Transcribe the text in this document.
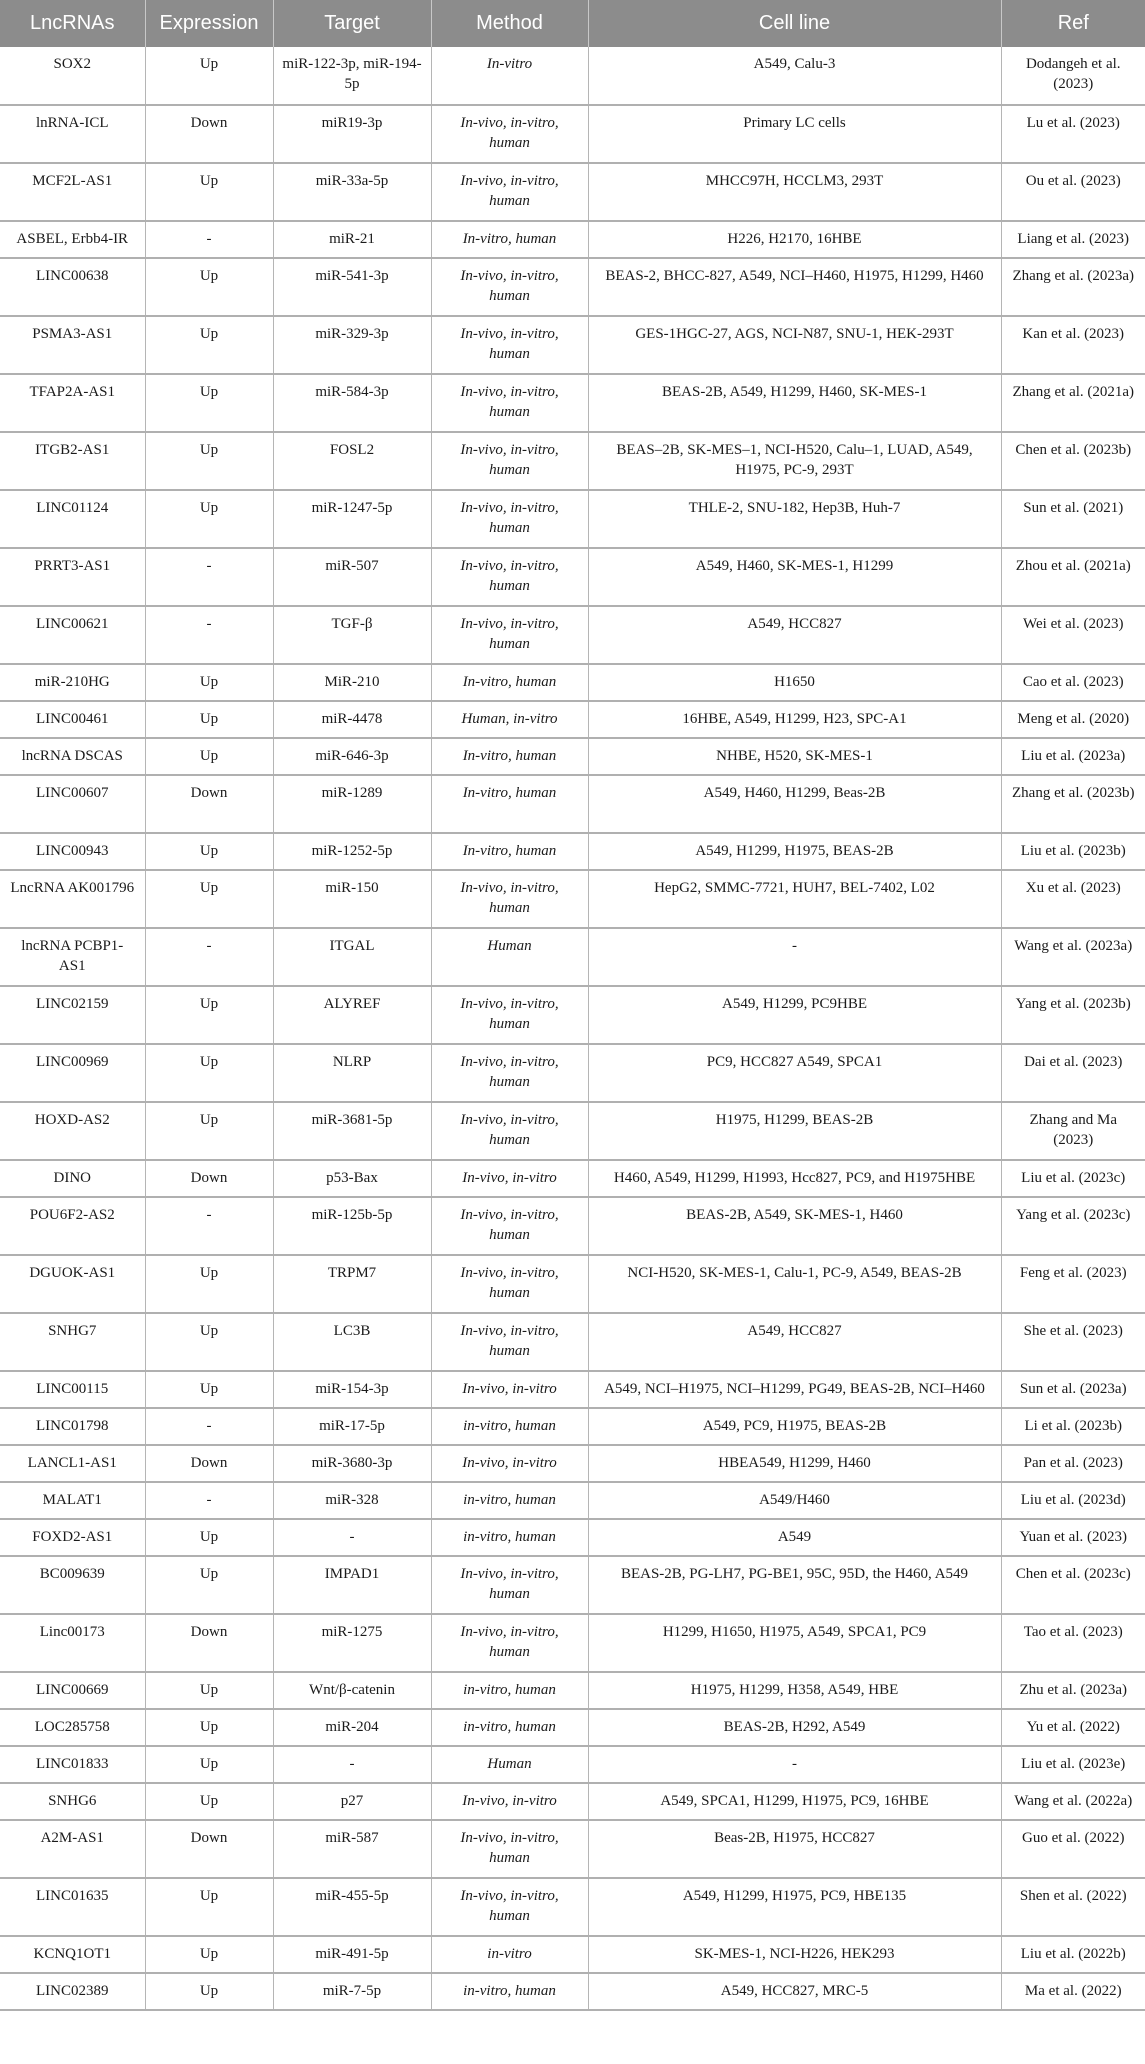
LncRNAs	Expression	Target	Method	Cell line	Ref
SOX2	Up	miR-122-3p, miR-194-5p	In-vitro	A549, Calu-3	Dodangeh et al. (2023)
lnRNA-ICL	Down	miR19-3p	In-vivo, in-vitro, human	Primary LC cells	Lu et al. (2023)
MCF2L-AS1	Up	miR-33a-5p	In-vivo, in-vitro, human	MHCC97H, HCCLM3, 293T	Ou et al. (2023)
ASBEL, Erbb4-IR	-	miR-21	In-vitro, human	H226, H2170, 16HBE	Liang et al. (2023)
LINC00638	Up	miR-541-3p	In-vivo, in-vitro, human	BEAS-2, BHCC-827, A549, NCI–H460, H1975, H1299, H460	Zhang et al. (2023a)
PSMA3-AS1	Up	miR-329-3p	In-vivo, in-vitro, human	GES-1HGC-27, AGS, NCI-N87, SNU-1, HEK-293T	Kan et al. (2023)
TFAP2A-AS1	Up	miR-584-3p	In-vivo, in-vitro, human	BEAS-2B, A549, H1299, H460, SK-MES-1	Zhang et al. (2021a)
ITGB2-AS1	Up	FOSL2	In-vivo, in-vitro, human	BEAS–2B, SK-MES–1, NCI-H520, Calu–1, LUAD, A549, H1975, PC-9, 293T	Chen et al. (2023b)
LINC01124	Up	miR-1247-5p	In-vivo, in-vitro, human	THLE-2, SNU-182, Hep3B, Huh-7	Sun et al. (2021)
PRRT3-AS1	-	miR-507	In-vivo, in-vitro, human	A549, H460, SK-MES-1, H1299	Zhou et al. (2021a)
LINC00621	-	TGF-β	In-vivo, in-vitro, human	A549, HCC827	Wei et al. (2023)
miR-210HG	Up	MiR-210	In-vitro, human	H1650	Cao et al. (2023)
LINC00461	Up	miR-4478	Human, in-vitro	16HBE, A549, H1299, H23, SPC-A1	Meng et al. (2020)
lncRNA DSCAS	Up	miR-646-3p	In-vitro, human	NHBE, H520, SK-MES-1	Liu et al. (2023a)
LINC00607	Down	miR-1289	In-vitro, human	A549, H460, H1299, Beas-2B	Zhang et al. (2023b)
LINC00943	Up	miR-1252-5p	In-vitro, human	A549, H1299, H1975, BEAS-2B	Liu et al. (2023b)
LncRNA AK001796	Up	miR-150	In-vivo, in-vitro, human	HepG2, SMMC-7721, HUH7, BEL-7402, L02	Xu et al. (2023)
lncRNA PCBP1-AS1	-	ITGAL	Human	-	Wang et al. (2023a)
LINC02159	Up	ALYREF	In-vivo, in-vitro, human	A549, H1299, PC9HBE	Yang et al. (2023b)
LINC00969	Up	NLRP	In-vivo, in-vitro, human	PC9, HCC827 A549, SPCA1	Dai et al. (2023)
HOXD-AS2	Up	miR-3681-5p	In-vivo, in-vitro, human	H1975, H1299, BEAS-2B	Zhang and Ma (2023)
DINO	Down	p53-Bax	In-vivo, in-vitro	H460, A549, H1299, H1993, Hcc827, PC9, and H1975HBE	Liu et al. (2023c)
POU6F2-AS2	-	miR-125b-5p	In-vivo, in-vitro, human	BEAS-2B, A549, SK-MES-1, H460	Yang et al. (2023c)
DGUOK-AS1	Up	TRPM7	In-vivo, in-vitro, human	NCI-H520, SK-MES-1, Calu-1, PC-9, A549, BEAS-2B	Feng et al. (2023)
SNHG7	Up	LC3B	In-vivo, in-vitro, human	A549, HCC827	She et al. (2023)
LINC00115	Up	miR-154-3p	In-vivo, in-vitro	A549, NCI–H1975, NCI–H1299, PG49, BEAS-2B, NCI–H460	Sun et al. (2023a)
LINC01798	-	miR-17-5p	in-vitro, human	A549, PC9, H1975, BEAS-2B	Li et al. (2023b)
LANCL1-AS1	Down	miR-3680-3p	In-vivo, in-vitro	HBEA549, H1299, H460	Pan et al. (2023)
MALAT1	-	miR-328	in-vitro, human	A549/H460	Liu et al. (2023d)
FOXD2-AS1	Up	-	in-vitro, human	A549	Yuan et al. (2023)
BC009639	Up	IMPAD1	In-vivo, in-vitro, human	BEAS-2B, PG-LH7, PG-BE1, 95C, 95D, the H460, A549	Chen et al. (2023c)
Linc00173	Down	miR-1275	In-vivo, in-vitro, human	H1299, H1650, H1975, A549, SPCA1, PC9	Tao et al. (2023)
LINC00669	Up	Wnt/β-catenin	in-vitro, human	H1975, H1299, H358, A549, HBE	Zhu et al. (2023a)
LOC285758	Up	miR-204	in-vitro, human	BEAS-2B, H292, A549	Yu et al. (2022)
LINC01833	Up	-	Human	-	Liu et al. (2023e)
SNHG6	Up	p27	In-vivo, in-vitro	A549, SPCA1, H1299, H1975, PC9, 16HBE	Wang et al. (2022a)
A2M-AS1	Down	miR-587	In-vivo, in-vitro, human	Beas-2B, H1975, HCC827	Guo et al. (2022)
LINC01635	Up	miR-455-5p	In-vivo, in-vitro, human	A549, H1299, H1975, PC9, HBE135	Shen et al. (2022)
KCNQ1OT1	Up	miR-491-5p	in-vitro	SK-MES-1, NCI-H226, HEK293	Liu et al. (2022b)
LINC02389	Up	miR-7-5p	in-vitro, human	A549, HCC827, MRC-5	Ma et al. (2022)
